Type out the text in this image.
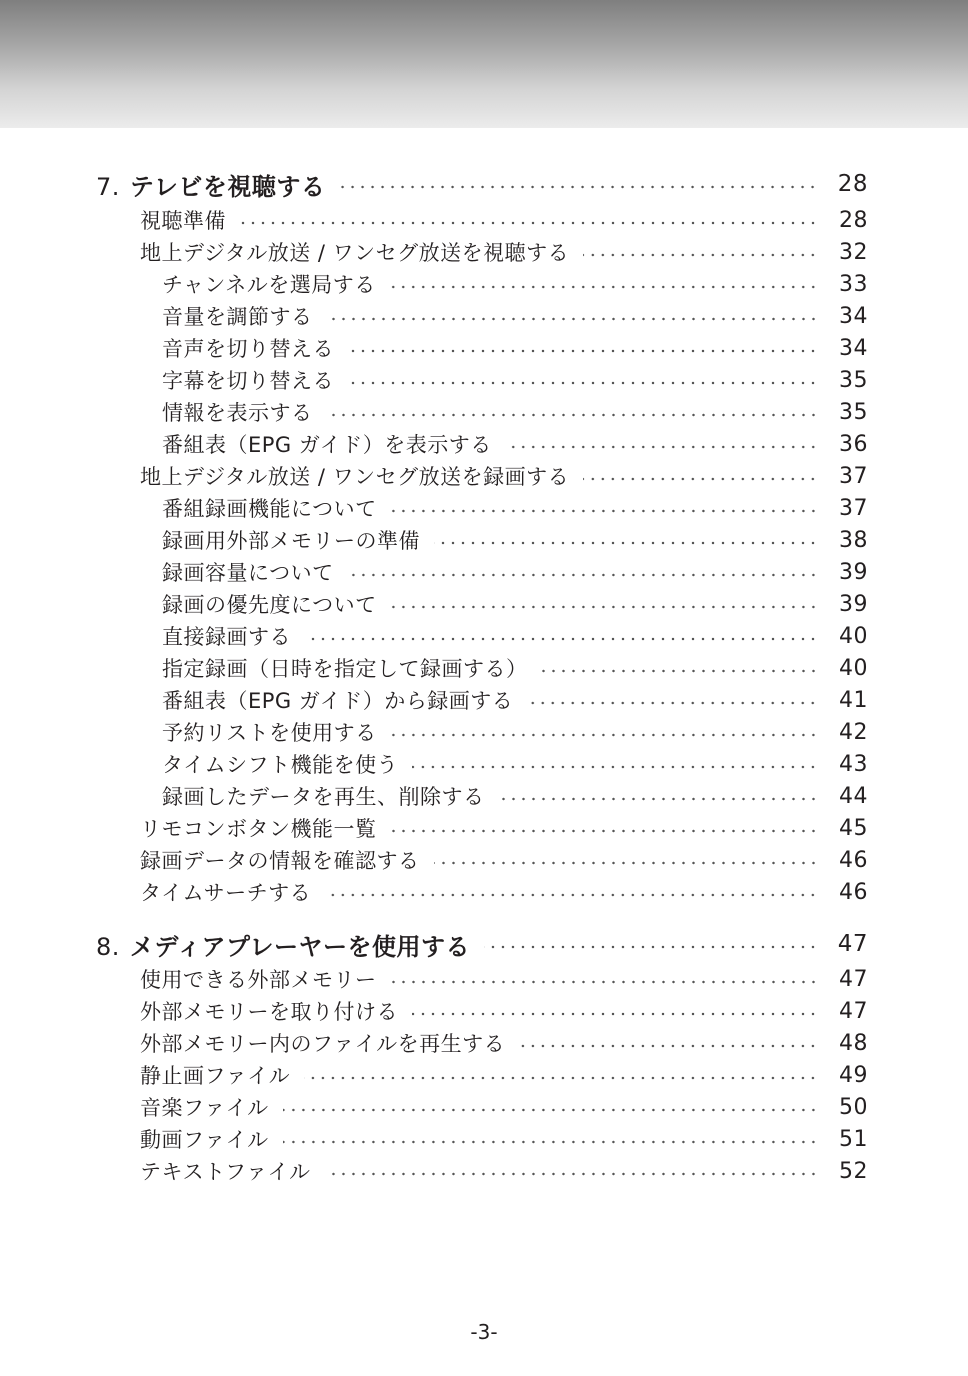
7. テレビを視聴する	28
視聴準備	28
地上デジタル放送 / ワンセグ放送を視聴する	32
チャンネルを選局する	33
音量を調節する	34
音声を切り替える	34
字幕を切り替える	35
情報を表示する	35
番組表（EPG ガイド）を表示する	36
地上デジタル放送 / ワンセグ放送を録画する	37
番組録画機能について	37
録画用外部メモリーの準備	38
録画容量について	39
録画の優先度について	39
直接録画する	40
指定録画（日時を指定して録画する）	40
番組表（EPG ガイド）から録画する	41
予約リストを使用する	42
タイムシフト機能を使う	43
録画したデータを再生、削除する	44
リモコンボタン機能一覧	45
録画データの情報を確認する	46
タイムサーチする	46
8. メディアプレーヤーを使用する	47
使用できる外部メモリー	47
外部メモリーを取り付ける	47
外部メモリー内のファイルを再生する	48
静止画ファイル	49
音楽ファイル	50
動画ファイル	51
テキストファイル	52
-3-
